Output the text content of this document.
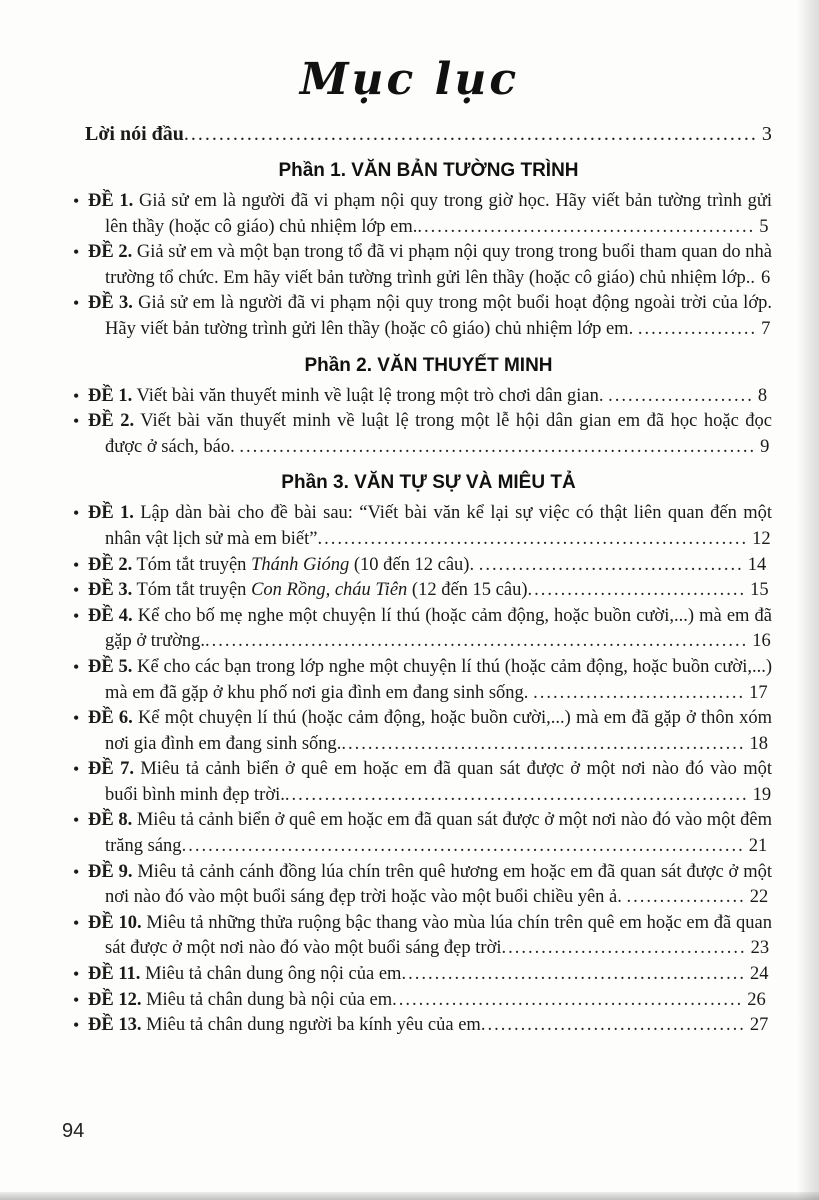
Mục lục
Lời nói đầu.................................................................................. 3
Phần 1. VĂN BẢN TƯỜNG TRÌNH
• ĐỀ 1. Giả sử em là người đã vi phạm nội quy trong giờ học. Hãy viết bản tường trình gửi lên thầy (hoặc cô giáo) chủ nhiệm lớp em.................................................... 5
• ĐỀ 2. Giả sử em và một bạn trong tổ đã vi phạm nội quy trong trong buổi tham quan do nhà trường tổ chức. Em hãy viết bản tường trình gửi lên thầy (hoặc cô giáo) chủ nhiệm lớp.. 6
• ĐỀ 3. Giả sử em là người đã vi phạm nội quy trong một buổi hoạt động ngoài trời của lớp. Hãy viết bản tường trình gửi lên thầy (hoặc cô giáo) chủ nhiệm lớp em. .................. 7
Phần 2. VĂN THUYẾT MINH
• ĐỀ 1. Viết bài văn thuyết minh về luật lệ trong một trò chơi dân gian. ...................... 8
• ĐỀ 2. Viết bài văn thuyết minh về luật lệ trong một lễ hội dân gian em đã học hoặc đọc được ở sách, báo. .............................................................................. 9
Phần 3. VĂN TỰ SỰ VÀ MIÊU TẢ
• ĐỀ 1. Lập dàn bài cho đề bài sau: “Viết bài văn kể lại sự việc có thật liên quan đến một nhân vật lịch sử mà em biết”................................................................. 12
• ĐỀ 2. Tóm tắt truyện Thánh Gióng (10 đến 12 câu). ........................................ 14
• ĐỀ 3. Tóm tắt truyện Con Rồng, cháu Tiên (12 đến 15 câu)................................. 15
• ĐỀ 4. Kể cho bố mẹ nghe một chuyện lí thú (hoặc cảm động, hoặc buồn cười,...) mà em đã gặp ở trường................................................................................... 16
• ĐỀ 5. Kể cho các bạn trong lớp nghe một chuyện lí thú (hoặc cảm động, hoặc buồn cười,...) mà em đã gặp ở khu phố nơi gia đình em đang sinh sống. ................................ 17
• ĐỀ 6. Kể một chuyện lí thú (hoặc cảm động, hoặc buồn cười,...) mà em đã gặp ở thôn xóm nơi gia đình em đang sinh sống.............................................................. 18
• ĐỀ 7. Miêu tả cảnh biển ở quê em hoặc em đã quan sát được ở một nơi nào đó vào một buổi bình minh đẹp trời....................................................................... 19
• ĐỀ 8. Miêu tả cảnh biển ở quê em hoặc em đã quan sát được ở một nơi nào đó vào một đêm trăng sáng..................................................................................... 21
• ĐỀ 9. Miêu tả cảnh cánh đồng lúa chín trên quê hương em hoặc em đã quan sát được ở một nơi nào đó vào một buổi sáng đẹp trời hoặc vào một buổi chiều yên ả. .................. 22
• ĐỀ 10. Miêu tả những thửa ruộng bậc thang vào mùa lúa chín trên quê em hoặc em đã quan sát được ở một nơi nào đó vào một buổi sáng đẹp trời..................................... 23
• ĐỀ 11. Miêu tả chân dung ông nội của em.................................................... 24
• ĐỀ 12. Miêu tả chân dung bà nội của em..................................................... 26
• ĐỀ 13. Miêu tả chân dung người ba kính yêu của em........................................ 27
94
